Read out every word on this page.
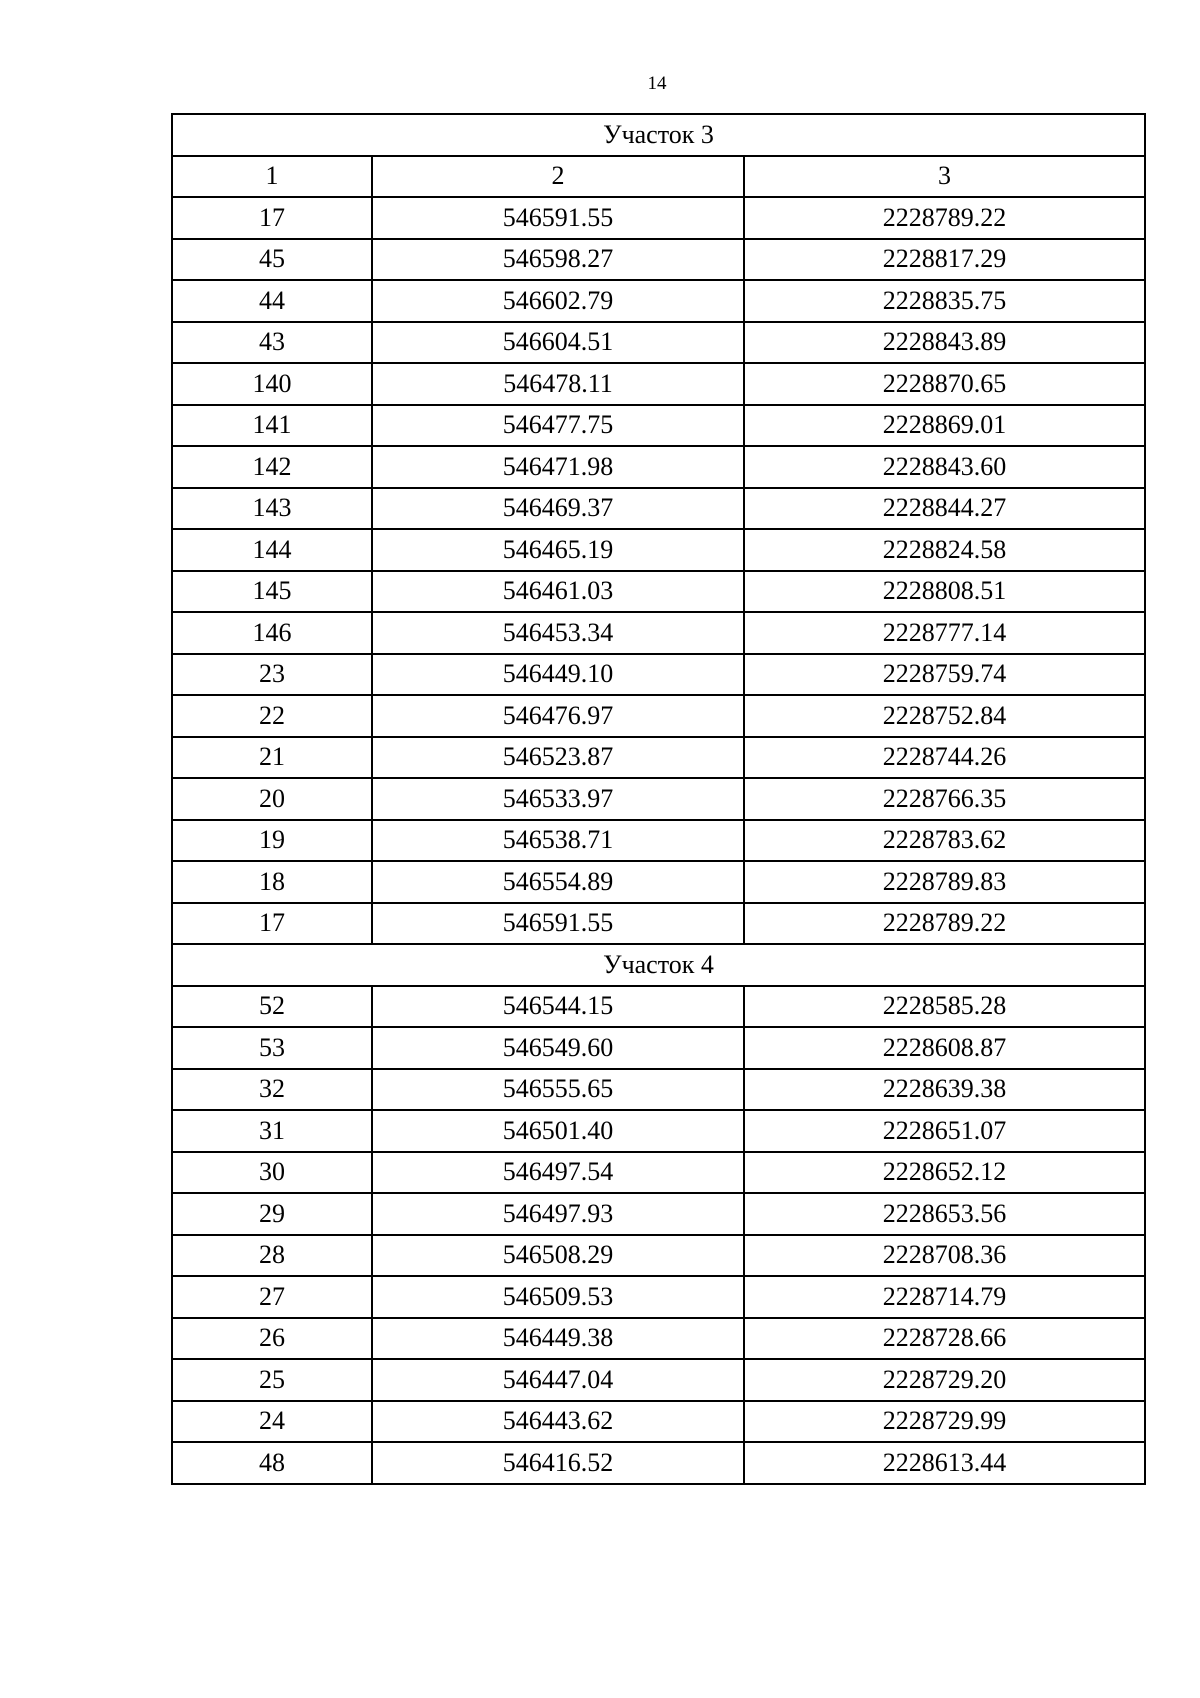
14
Участок 3		
1	2	3
17	546591.55	2228789.22
45	546598.27	2228817.29
44	546602.79	2228835.75
43	546604.51	2228843.89
140	546478.11	2228870.65
141	546477.75	2228869.01
142	546471.98	2228843.60
143	546469.37	2228844.27
144	546465.19	2228824.58
145	546461.03	2228808.51
146	546453.34	2228777.14
23	546449.10	2228759.74
22	546476.97	2228752.84
21	546523.87	2228744.26
20	546533.97	2228766.35
19	546538.71	2228783.62
18	546554.89	2228789.83
17	546591.55	2228789.22
Участок 4		
52	546544.15	2228585.28
53	546549.60	2228608.87
32	546555.65	2228639.38
31	546501.40	2228651.07
30	546497.54	2228652.12
29	546497.93	2228653.56
28	546508.29	2228708.36
27	546509.53	2228714.79
26	546449.38	2228728.66
25	546447.04	2228729.20
24	546443.62	2228729.99
48	546416.52	2228613.44
